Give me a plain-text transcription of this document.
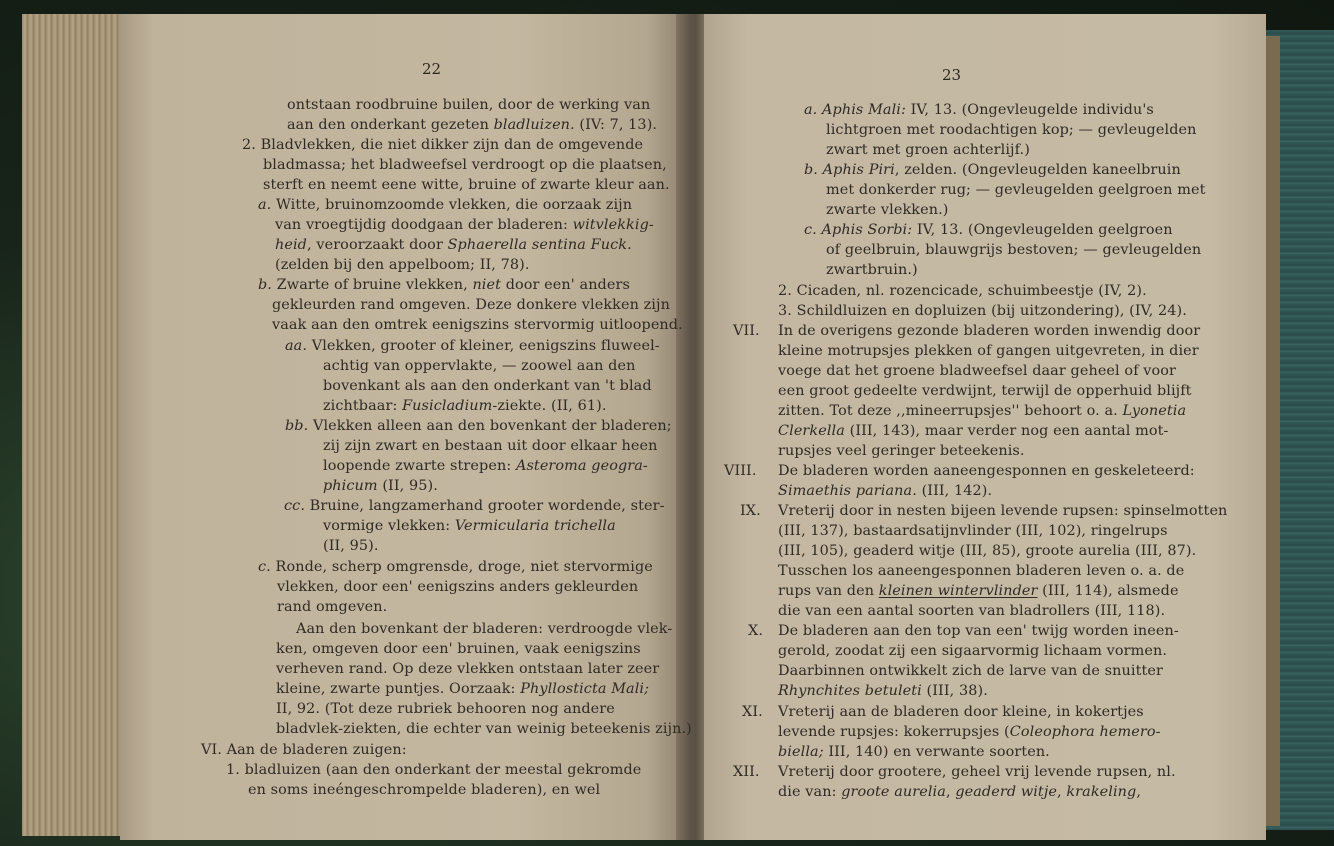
22	23
ontstaan roodbruine builen, door de werking van
aan den onderkant gezeten bladluizen. (IV: 7, 13).
2. Bladvlekken, die niet dikker zijn dan de omgevende
bladmassa; het bladweefsel verdroogt op die plaatsen,
sterft en neemt eene witte, bruine of zwarte kleur aan.
a. Witte, bruinomzoomde vlekken, die oorzaak zijn
van vroegtijdig doodgaan der bladeren: witvlekkig-
heid, veroorzaakt door Sphaerella sentina Fuck.
(zelden bij den appelboom; II, 78).
b. Zwarte of bruine vlekken, niet door een' anders
gekleurden rand omgeven. Deze donkere vlekken zijn
vaak aan den omtrek eenigszins stervormig uitloopend.
aa. Vlekken, grooter of kleiner, eenigszins fluweel-
achtig van oppervlakte, — zoowel aan den
bovenkant als aan den onderkant van 't blad
zichtbaar: Fusicladium-ziekte. (II, 61).
bb. Vlekken alleen aan den bovenkant der bladeren;
zij zijn zwart en bestaan uit door elkaar heen
loopende zwarte strepen: Asteroma geogra-
phicum (II, 95).
cc. Bruine, langzamerhand grooter wordende, ster-
vormige vlekken: Vermicularia trichella
(II, 95).
c. Ronde, scherp omgrensde, droge, niet stervormige
vlekken, door een' eenigszins anders gekleurden
rand omgeven.
Aan den bovenkant der bladeren: verdroogde vlek-
ken, omgeven door een' bruinen, vaak eenigszins
verheven rand. Op deze vlekken ontstaan later zeer
kleine, zwarte puntjes. Oorzaak: Phyllosticta Mali;
II, 92. (Tot deze rubriek behooren nog andere
bladvlek-ziekten, die echter van weinig beteekenis zijn.)
VI. Aan de bladeren zuigen:
1. bladluizen (aan den onderkant der meestal gekromde
en soms ineéngeschrompelde bladeren), en wel
a. Aphis Mali: IV, 13. (Ongevleugelde individu's
lichtgroen met roodachtigen kop; — gevleugelden
zwart met groen achterlijf.)
b. Aphis Piri, zelden. (Ongevleugelden kaneelbruin
met donkerder rug; — gevleugelden geelgroen met
zwarte vlekken.)
c. Aphis Sorbi: IV, 13. (Ongevleugelden geelgroen
of geelbruin, blauwgrijs bestoven; — gevleugelden
zwartbruin.)
2. Cicaden, nl. rozencicade, schuimbeestje (IV, 2).
3. Schildluizen en dopluizen (bij uitzondering), (IV, 24).
VII. In de overigens gezonde bladeren worden inwendig door
kleine motrupsjes plekken of gangen uitgevreten, in dier
voege dat het groene bladweefsel daar geheel of voor
een groot gedeelte verdwijnt, terwijl de opperhuid blijft
zitten. Tot deze ,,mineerrupsjes'' behoort o. a. Lyonetia
Clerkella (III, 143), maar verder nog een aantal mot-
rupsjes veel geringer beteekenis.
VIII. De bladeren worden aaneengesponnen en geskeleteerd:
Simaethis pariana. (III, 142).
IX. Vreterij door in nesten bijeen levende rupsen: spinselmotten
(III, 137), bastaardsatijnvlinder (III, 102), ringelrups
(III, 105), geaderd witje (III, 85), groote aurelia (III, 87).
Tusschen los aaneengesponnen bladeren leven o. a. de
rups van den kleinen wintervlinder (III, 114), alsmede
die van een aantal soorten van bladrollers (III, 118).
X. De bladeren aan den top van een' twijg worden ineen-
gerold, zoodat zij een sigaarvormig lichaam vormen.
Daarbinnen ontwikkelt zich de larve van de snuitter
Rhynchites betuleti (III, 38).
XI. Vreterij aan de bladeren door kleine, in kokertjes
levende rupsjes: kokerrupsjes (Coleophora hemero-
biella; III, 140) en verwante soorten.
XII. Vreterij door grootere, geheel vrij levende rupsen, nl.
die van: groote aurelia, geaderd witje, krakeling,
